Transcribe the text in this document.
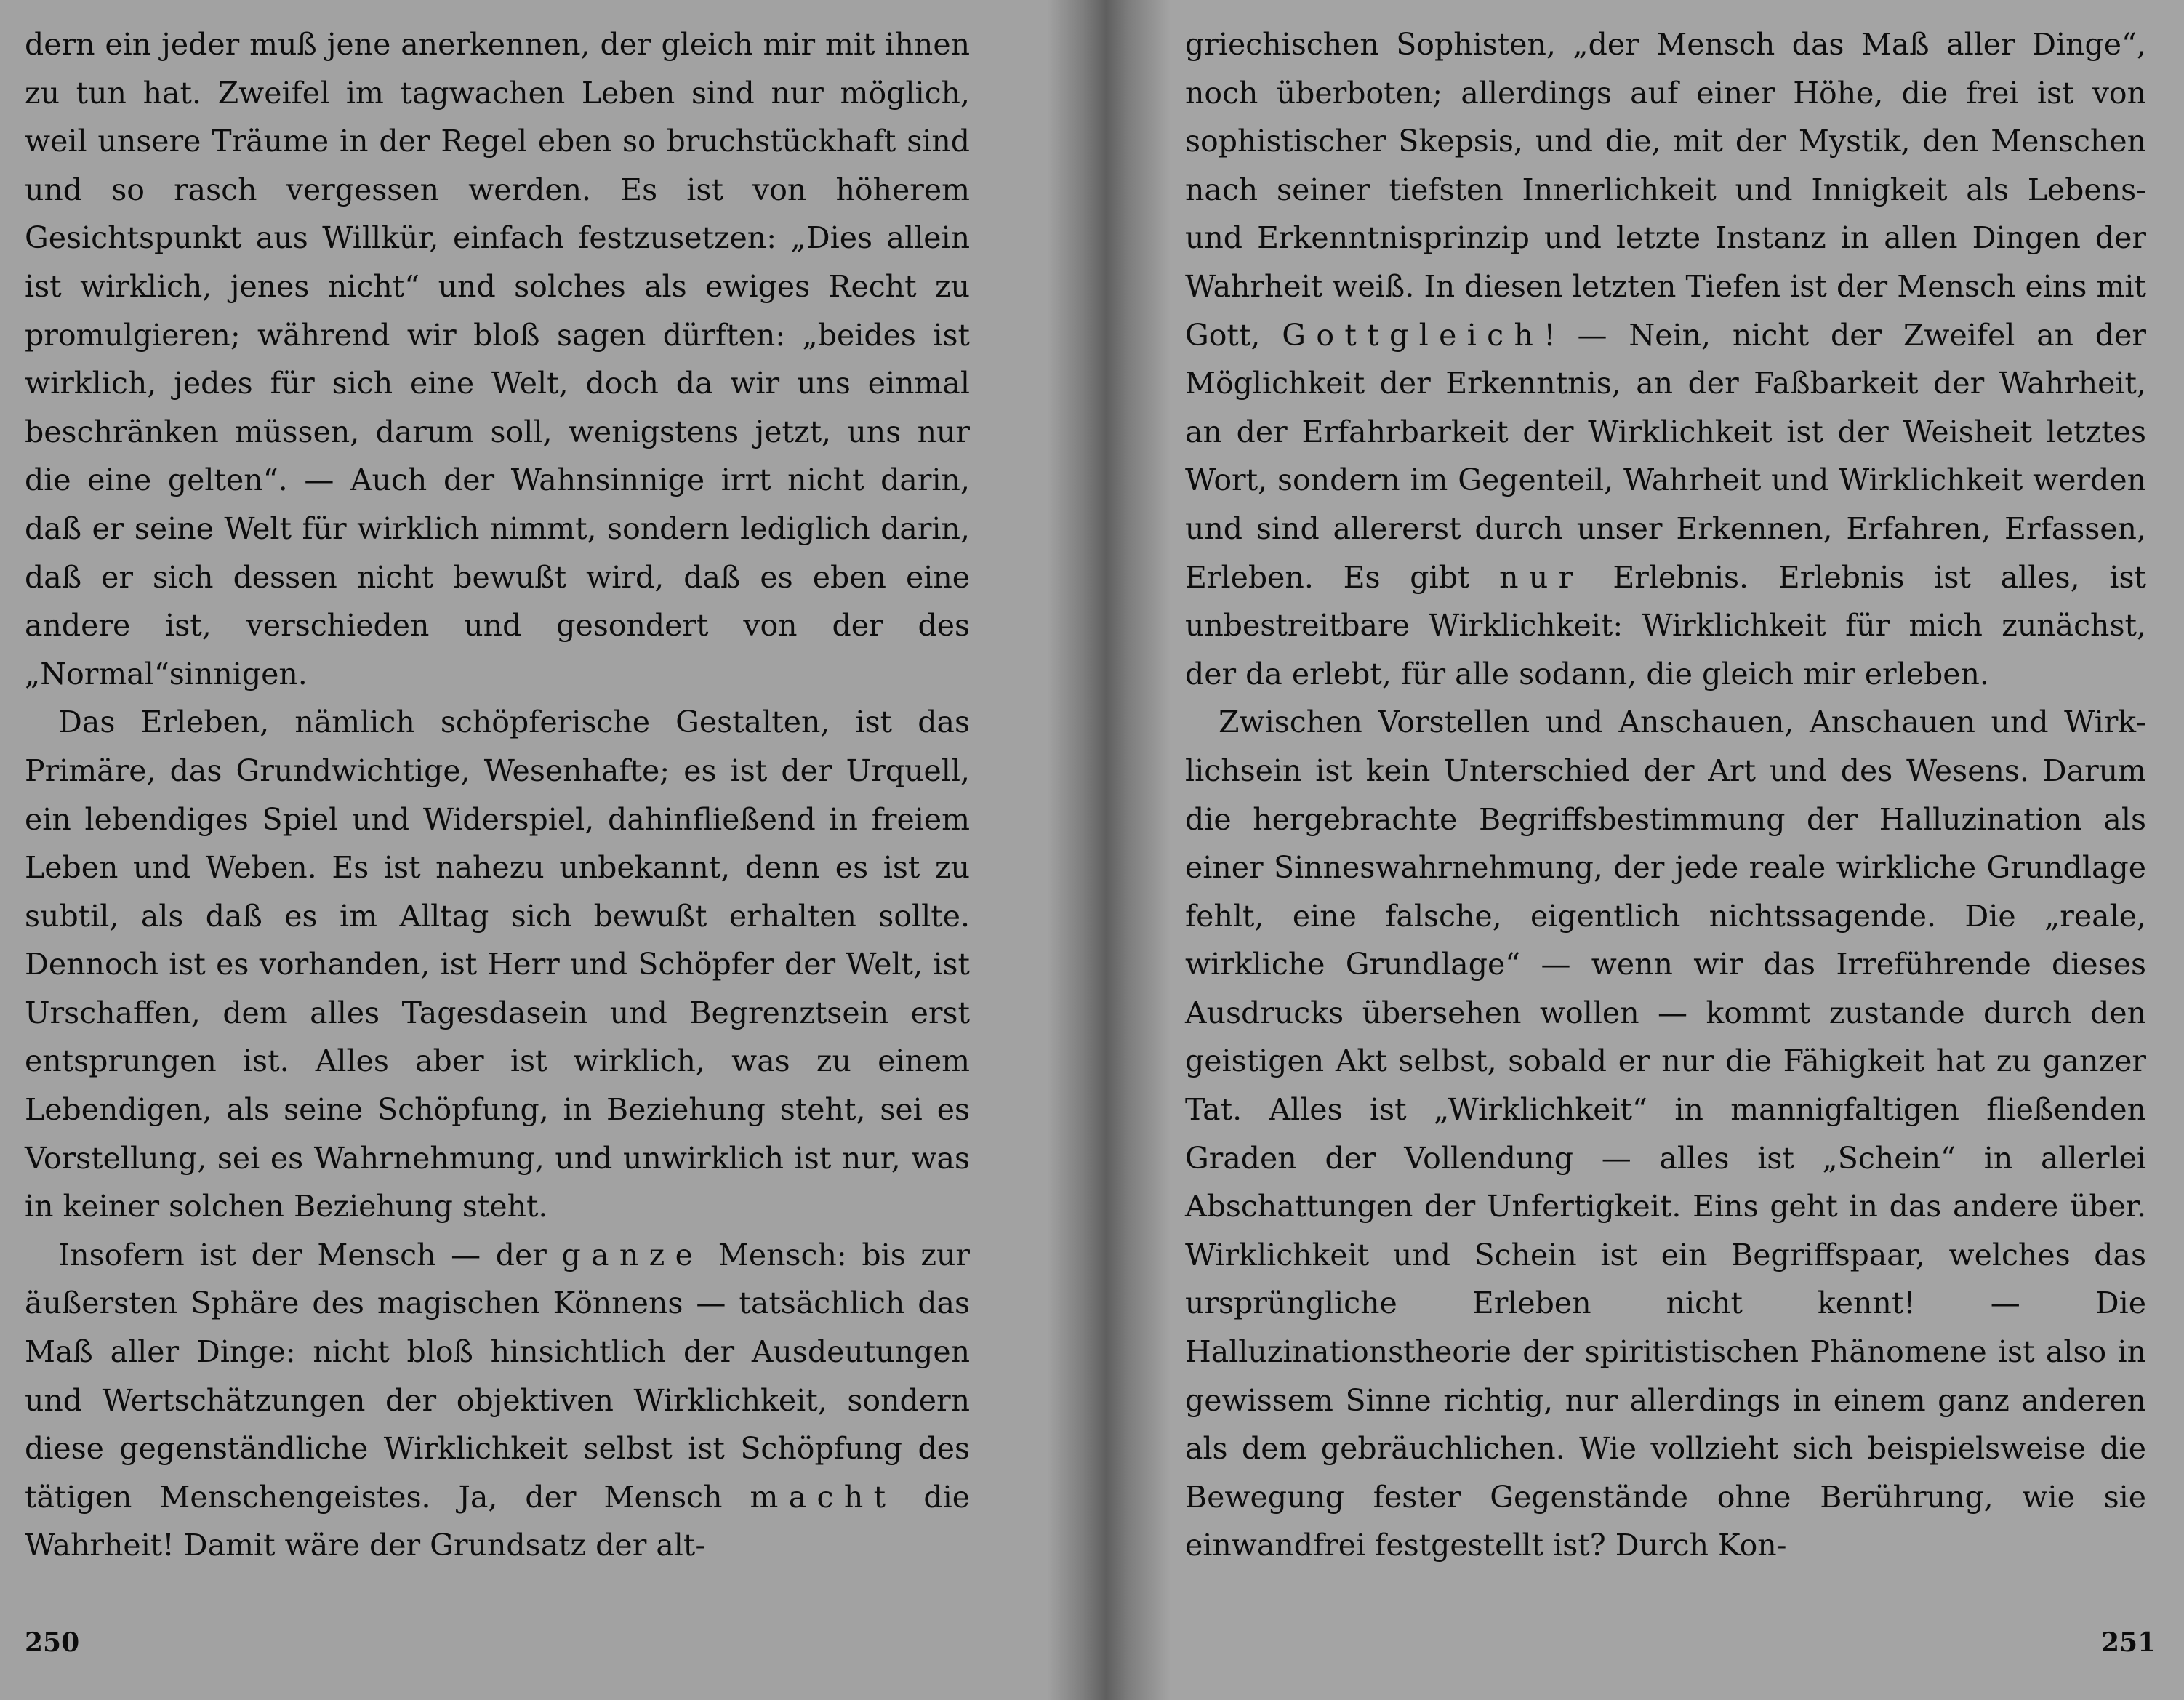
dern ein jeder muß jene anerkennen, der gleich mir mit ihnen zu tun hat. Zweifel im tagwachen Leben sind nur möglich, weil unsere Träume in der Regel eben so bruchstückhaft sind und so rasch vergessen werden. Es ist von höherem Gesichtspunkt aus Willkür, einfach festzusetzen: „Dies allein ist wirklich, jenes nicht“ und solches als ewiges Recht zu promulgieren; während wir bloß sagen dürften: „beides ist wirklich, jedes für sich eine Welt, doch da wir uns einmal beschränken müssen, darum soll, wenigstens jetzt, uns nur die eine gelten“. — Auch der Wahnsinnige irrt nicht darin, daß er seine Welt für wirklich nimmt, sondern lediglich darin, daß er sich dessen nicht bewußt wird, daß es eben eine andere ist, verschieden und gesondert von der des „Normal“sinnigen.

Das Erleben, nämlich schöpferische Gestalten, ist das Primäre, das Grundwichtige, Wesenhafte; es ist der Urquell, ein lebendiges Spiel und Widerspiel, dahinfließend in freiem Leben und Weben. Es ist nahezu unbekannt, denn es ist zu subtil, als daß es im Alltag sich bewußt erhalten sollte. Dennoch ist es vorhanden, ist Herr und Schöpfer der Welt, ist Urschaffen, dem alles Tagesdasein und Begrenztsein erst entsprungen ist. Alles aber ist wirklich, was zu einem Lebendigen, als seine Schöpfung, in Beziehung steht, sei es Vorstellung, sei es Wahrnehmung, und unwirklich ist nur, was in keiner solchen Beziehung steht.

Insofern ist der Mensch — der ganze Mensch: bis zur äußersten Sphäre des magischen Könnens — tatsächlich das Maß aller Dinge: nicht bloß hinsichtlich der Ausdeutungen und Wertschätzungen der objektiven Wirklichkeit, sondern diese gegenständliche Wirklichkeit selbst ist Schöpfung des tätigen Menschengeistes. Ja, der Mensch macht die Wahrheit! Damit wäre der Grundsatz der alt-

250

griechischen Sophisten, „der Mensch das Maß aller Dinge“, noch überboten; allerdings auf einer Höhe, die frei ist von sophistischer Skepsis, und die, mit der Mystik, den Menschen nach seiner tiefsten Innerlichkeit und Innigkeit als Lebens- und Erkenntnisprinzip und letzte Instanz in allen Dingen der Wahrheit weiß. In diesen letzten Tiefen ist der Mensch eins mit Gott, Gottgleich! — Nein, nicht der Zweifel an der Möglichkeit der Erkenntnis, an der Faßbarkeit der Wahrheit, an der Erfahrbarkeit der Wirklichkeit ist der Weisheit letztes Wort, sondern im Gegenteil, Wahrheit und Wirklichkeit werden und sind allererst durch unser Erkennen, Erfahren, Erfassen, Erleben. Es gibt nur Erlebnis. Erlebnis ist alles, ist unbestreitbare Wirklichkeit: Wirklichkeit für mich zunächst, der da erlebt, für alle sodann, die gleich mir erleben.

Zwischen Vorstellen und Anschauen, Anschauen und Wirklichsein ist kein Unterschied der Art und des Wesens. Darum die hergebrachte Begriffsbestimmung der Halluzination als einer Sinneswahrnehmung, der jede reale wirkliche Grundlage fehlt, eine falsche, eigentlich nichtssagende. Die „reale, wirkliche Grundlage“ — wenn wir das Irreführende dieses Ausdrucks übersehen wollen — kommt zustande durch den geistigen Akt selbst, sobald er nur die Fähigkeit hat zu ganzer Tat. Alles ist „Wirklichkeit“ in mannigfaltigen fließenden Graden der Vollendung — alles ist „Schein“ in allerlei Abschattungen der Unfertigkeit. Eins geht in das andere über. Wirklichkeit und Schein ist ein Begriffspaar, welches das ursprüngliche Erleben nicht kennt! — Die Halluzinationstheorie der spiritistischen Phänomene ist also in gewissem Sinne richtig, nur allerdings in einem ganz anderen als dem gebräuchlichen. Wie vollzieht sich beispielsweise die Bewegung fester Gegenstände ohne Berührung, wie sie einwandfrei festgestellt ist? Durch Kon-

251
